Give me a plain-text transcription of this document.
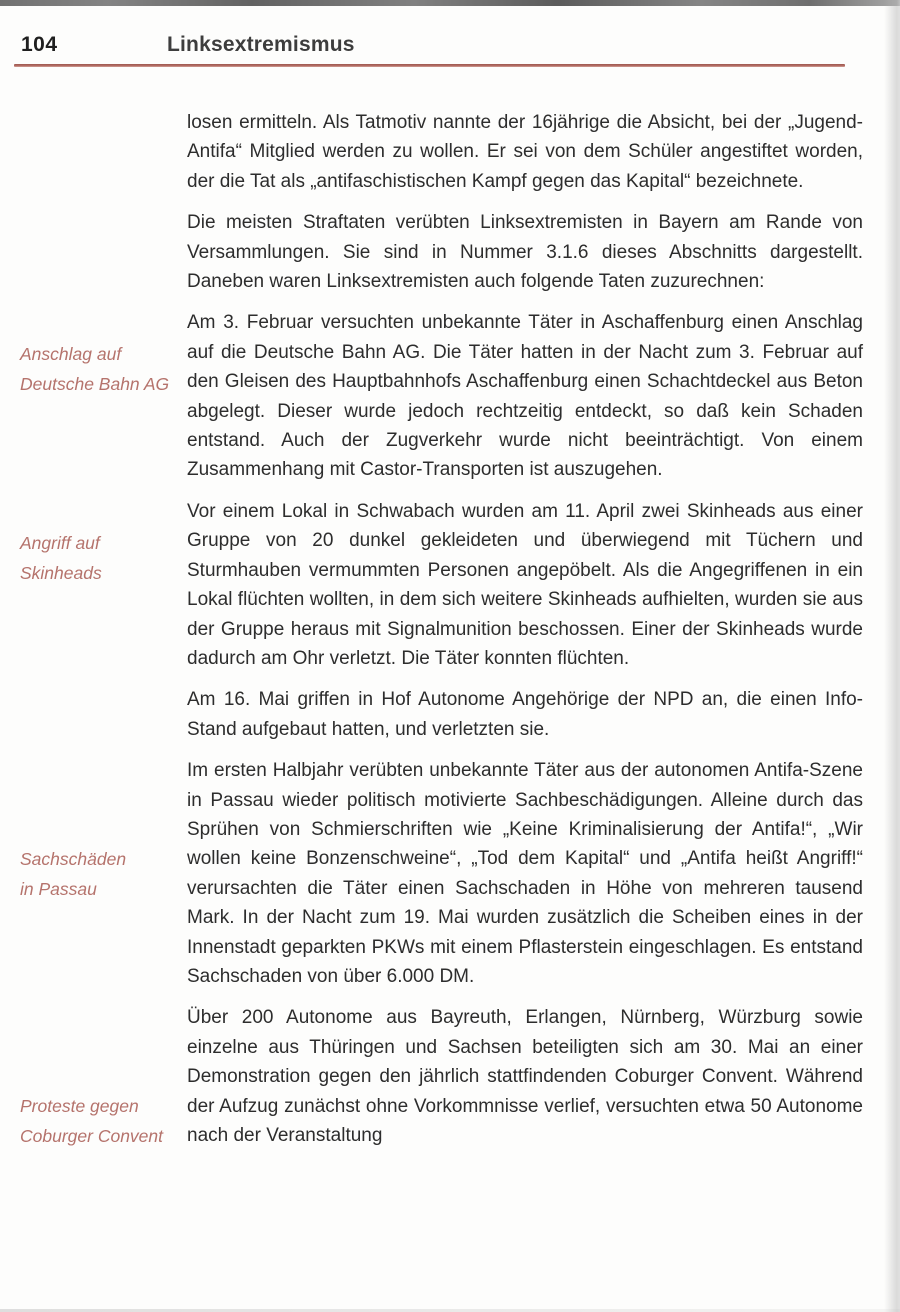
104	Linksextremismus
losen ermitteln. Als Tatmotiv nannte der 16jährige die Absicht, bei der „Jugend-Antifa“ Mitglied werden zu wollen. Er sei von dem Schüler angestiftet worden, der die Tat als „antifaschistischen Kampf gegen das Kapital“ bezeichnete.
Die meisten Straftaten verübten Linksextremisten in Bayern am Rande von Versammlungen. Sie sind in Nummer 3.1.6 dieses Abschnitts dargestellt. Daneben waren Linksextremisten auch folgende Taten zuzurechnen:
Anschlag auf
Deutsche Bahn AG
Am 3. Februar versuchten unbekannte Täter in Aschaffenburg einen Anschlag auf die Deutsche Bahn AG. Die Täter hatten in der Nacht zum 3. Februar auf den Gleisen des Hauptbahnhofs Aschaffenburg einen Schachtdeckel aus Beton abgelegt. Dieser wurde jedoch rechtzeitig entdeckt, so daß kein Schaden entstand. Auch der Zugverkehr wurde nicht beeinträchtigt. Von einem Zusammenhang mit Castor-Transporten ist auszugehen.
Angriff auf
Skinheads
Vor einem Lokal in Schwabach wurden am 11. April zwei Skinheads aus einer Gruppe von 20 dunkel gekleideten und überwiegend mit Tüchern und Sturmhauben vermummten Personen angepöbelt. Als die Angegriffenen in ein Lokal flüchten wollten, in dem sich weitere Skinheads aufhielten, wurden sie aus der Gruppe heraus mit Signalmunition beschossen. Einer der Skinheads wurde dadurch am Ohr verletzt. Die Täter konnten flüchten.
Am 16. Mai griffen in Hof Autonome Angehörige der NPD an, die einen Info-Stand aufgebaut hatten, und verletzten sie.
Sachschäden
in Passau
Im ersten Halbjahr verübten unbekannte Täter aus der autonomen Antifa-Szene in Passau wieder politisch motivierte Sachbeschädigungen. Alleine durch das Sprühen von Schmierschriften wie „Keine Kriminalisierung der Antifa!“, „Wir wollen keine Bonzenschweine“, „Tod dem Kapital“ und „Antifa heißt Angriff!“ verursachten die Täter einen Sachschaden in Höhe von mehreren tausend Mark. In der Nacht zum 19. Mai wurden zusätzlich die Scheiben eines in der Innenstadt geparkten PKWs mit einem Pflasterstein eingeschlagen. Es entstand Sachschaden von über 6.000 DM.
Proteste gegen
Coburger Convent
Über 200 Autonome aus Bayreuth, Erlangen, Nürnberg, Würzburg sowie einzelne aus Thüringen und Sachsen beteiligten sich am 30. Mai an einer Demonstration gegen den jährlich stattfindenden Coburger Convent. Während der Aufzug zunächst ohne Vorkommnisse verlief, versuchten etwa 50 Autonome nach der Veranstaltung
